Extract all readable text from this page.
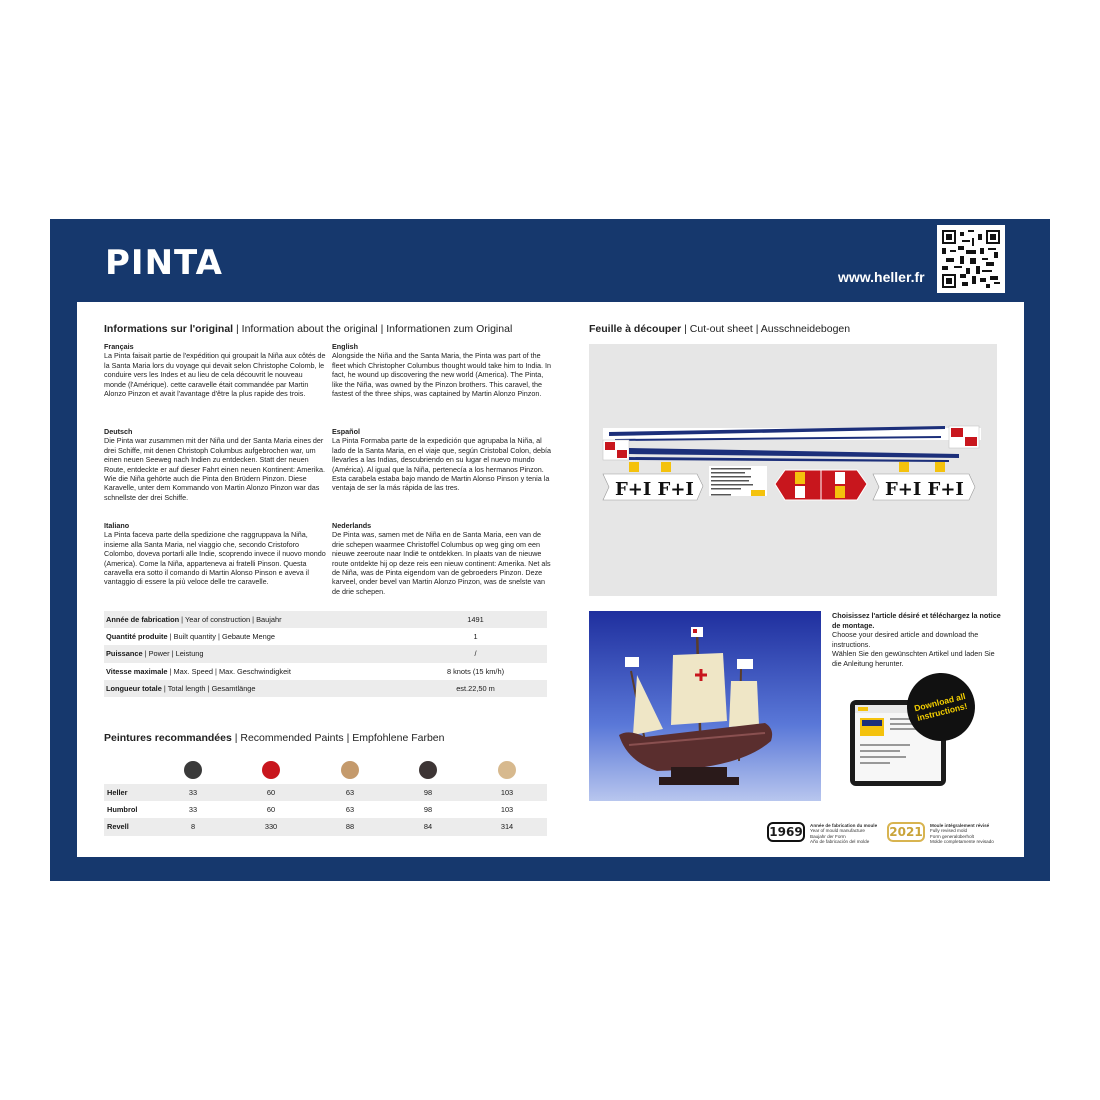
PINTA	www.heller.fr
Informations sur l'original | Information about the original | Informationen zum Original
Français
La Pinta faisait partie de l'expédition qui groupait la Niña aux côtés de la Santa Maria lors du voyage qui devait selon Christophe Colomb, le conduire vers les Indes et au lieu de cela découvrit le nouveau monde (l'Amérique). cette caravelle était commandée par Martin Alonzo Pinzon et avait l'avantage d'être la plus rapide des trois.
English
Alongside the Niña and the Santa Maria, the Pinta was part of the fleet which Christopher Columbus thought would take him to India. In fact, he wound up discovering the new world (America). The Pinta, like the Niña, was owned by the Pinzon brothers. This caravel, the fastest of the three ships, was captained by Martin Alonzo Pinzon.
Deutsch
Die Pinta war zusammen mit der Niña und der Santa Maria eines der drei Schiffe, mit denen Christoph Columbus aufgebrochen war, um einen neuen Seeweg nach Indien zu entdecken. Statt der neuen Route, entdeckte er auf dieser Fahrt einen neuen Kontinent: Amerika. Wie die Niña gehörte auch die Pinta den Brüdern Pinzon. Diese Karavelle, unter dem Kommando von Martin Alonzo Pinzon war das schnellste der drei Schiffe.
Español
La Pinta Formaba parte de la expedición que agrupaba la Niña, al lado de la Santa Maria, en el viaje que, según Cristobal Colon, debía llevarles a las Indias, descubriendo en su lugar el nuevo mundo (América). Al igual que la Niña, pertenecía a los hermanos Pinzon. Esta carabela estaba bajo mando de Martin Alonso Pinson y tenia la ventaja de ser la más rápida de las tres.
Italiano
La Pinta faceva parte della spedizione che raggruppava la Niña, insieme alla Santa Maria, nel viaggio che, secondo Cristoforo Colombo, doveva portarli alle Indie, scoprendo invece il nuovo mondo (America). Come la Niña, apparteneva ai fratelli Pinson. Questa caravella era sotto il comando di Martin Alonso Pinson e aveva il vantaggio di essere la più veloce delle tre caravelle.
Nederlands
De Pinta was, samen met de Niña en de Santa Maria, een van de drie schepen waarmee Christoffel Columbus op weg ging om een nieuwe zeeroute naar Indië te ontdekken. In plaats van de nieuwe route ontdekte hij op deze reis een nieuw continent: Amerika. Net als de Niña, was de Pinta eigendom van de gebroeders Pinzon. Deze karveel, onder bevel van Martin Alonzo Pinzon, was de snelste van de drie schepen.
Année de fabrication | Year of construction | Baujahr	1491
Quantité produite | Built quantity | Gebaute Menge	1
Puissance | Power | Leistung	/
Vitesse maximale | Max. Speed | Max. Geschwindigkeit	8 knots (15 km/h)
Longueur totale | Total length | Gesamtlänge	est.22,50 m
Peintures recommandées | Recommended Paints | Empfohlene Farben
Heller	33	60	63	98	103
Humbrol	33	60	63	98	103
Revell	8	330	88	84	314
Feuille à découper | Cut-out sheet | Ausschneidebogen
F+I F+I	F+I F+I
Choisissez l'article désiré et téléchargez la notice de montage.
Choose your desired article and download the instructions.
Wählen Sie den gewünschten Artikel und laden Sie die Anleitung herunter.
Download all instructions!
1969	Année de fabrication du moule
Year of mould manufacture
Baujahr der Form
Año de fabricación del molde
2021	Moule intégralement révisé
Fully revised mold
Form generalüberholt
Molde completamente revisado
